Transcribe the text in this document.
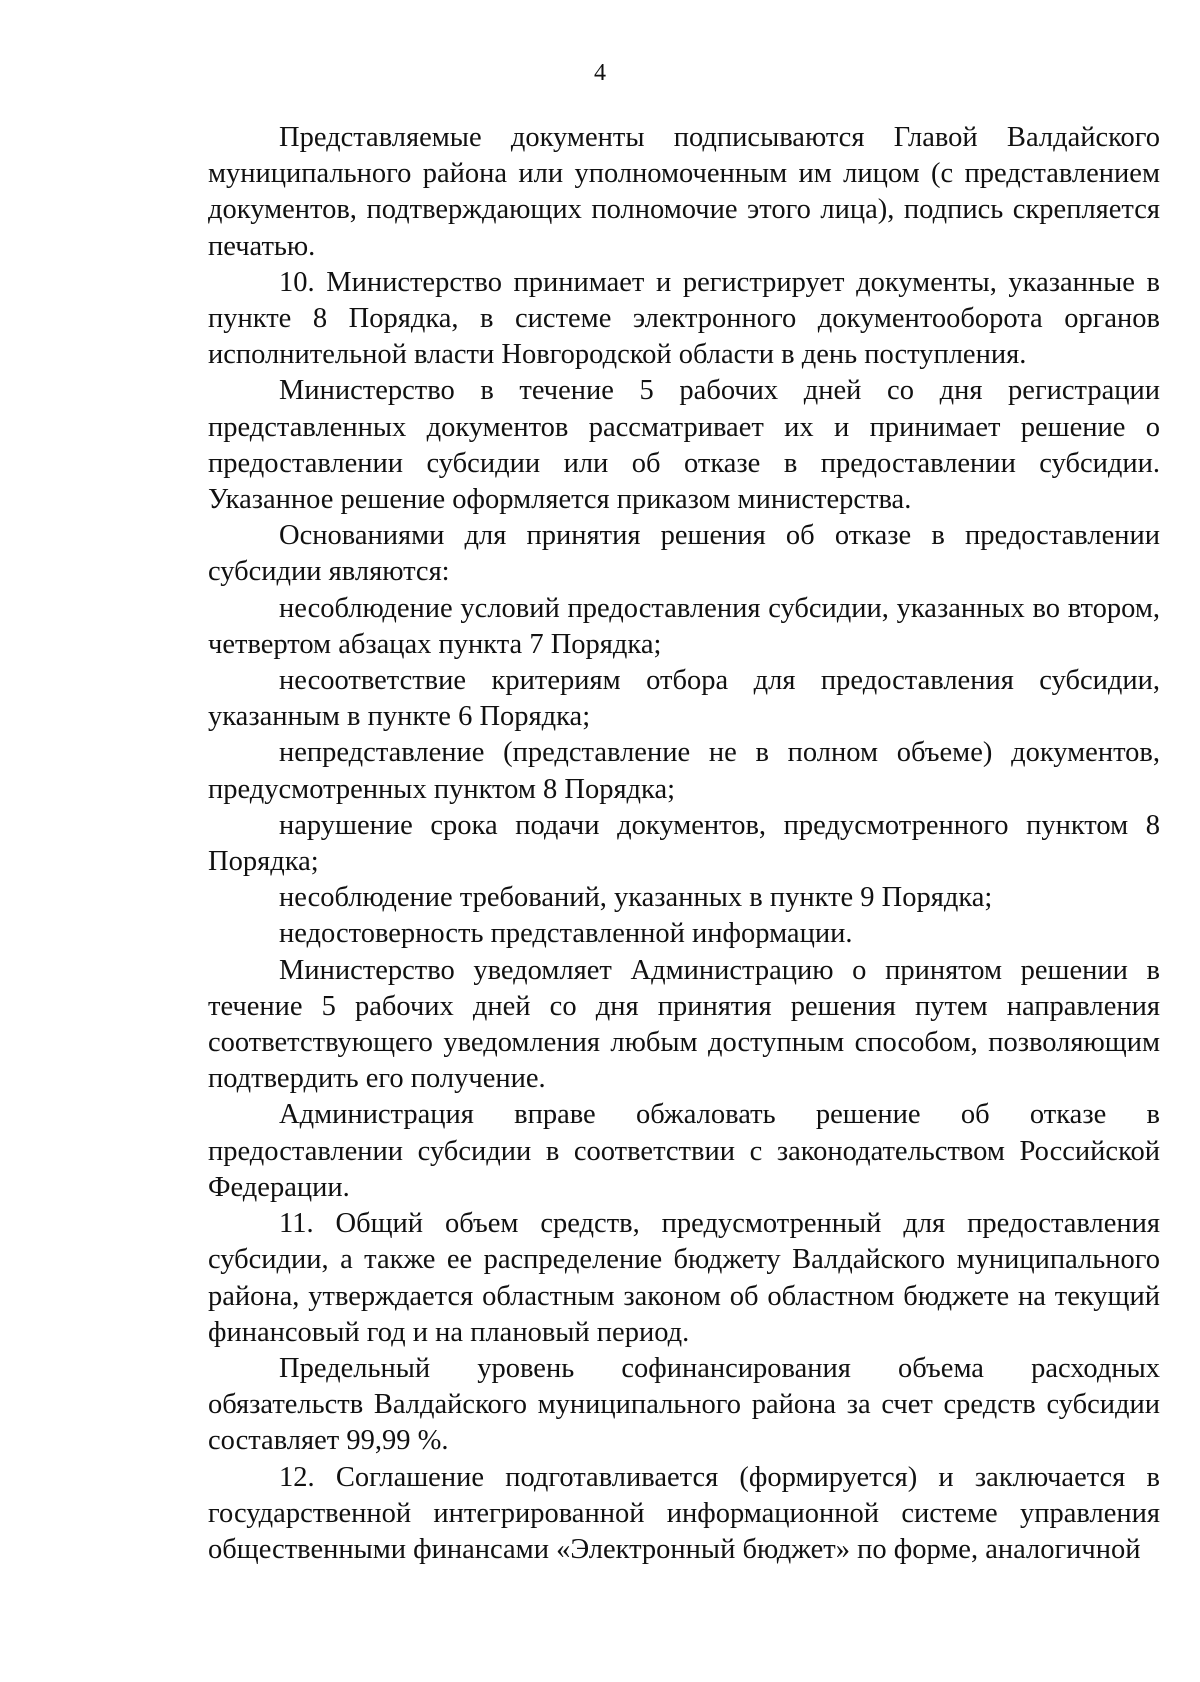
4

Представляемые документы подписываются Главой Валдайского муниципального района или уполномоченным им лицом (с представлением документов, подтверждающих полномочие этого лица), подпись скрепляется печатью.

10. Министерство принимает и регистрирует документы, указанные в пункте 8 Порядка, в системе электронного документооборота органов исполнительной власти Новгородской области в день поступления.

Министерство в течение 5 рабочих дней со дня регистрации представленных документов рассматривает их и принимает решение о предоставлении субсидии или об отказе в предоставлении субсидии. Указанное решение оформляется приказом министерства.

Основаниями для принятия решения об отказе в предоставлении субсидии являются:

несоблюдение условий предоставления субсидии, указанных во втором, четвертом абзацах пункта 7 Порядка;

несоответствие критериям отбора для предоставления субсидии, указанным в пункте 6 Порядка;

непредставление (представление не в полном объеме) документов, предусмотренных пунктом 8 Порядка;

нарушение срока подачи документов, предусмотренного пунктом 8 Порядка;

несоблюдение требований, указанных в пункте 9 Порядка;

недостоверность представленной информации.

Министерство уведомляет Администрацию о принятом решении в течение 5 рабочих дней со дня принятия решения путем направления соответствующего уведомления любым доступным способом, позволяющим подтвердить его получение.

Администрация вправе обжаловать решение об отказе в предоставлении субсидии в соответствии с законодательством Российской Федерации.

11. Общий объем средств, предусмотренный для предоставления субсидии, а также ее распределение бюджету Валдайского муниципального района, утверждается областным законом об областном бюджете на текущий финансовый год и на плановый период.

Предельный уровень софинансирования объема расходных обязательств Валдайского муниципального района за счет средств субсидии составляет 99,99 %.

12. Соглашение подготавливается (формируется) и заключается в государственной интегрированной информационной системе управления общественными финансами «Электронный бюджет» по форме, аналогичной
